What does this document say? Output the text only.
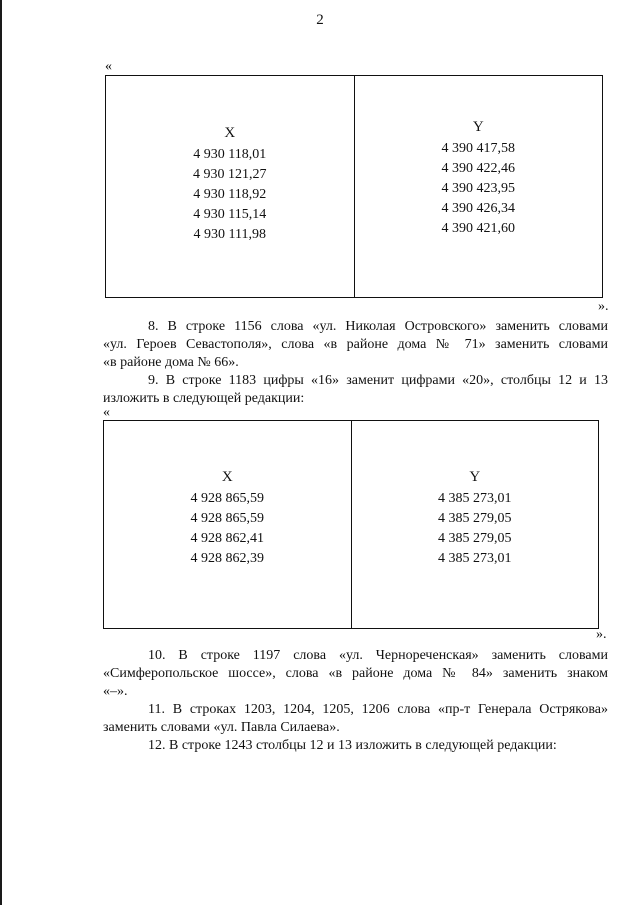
2
«
X
4 930 118,01
4 930 121,27
4 930 118,92
4 930 115,14
4 930 111,98
Y
4 390 417,58
4 390 422,46
4 390 423,95
4 390 426,34
4 390 421,60
».
8. В строке 1156 слова «ул. Николая Островского» заменить словами
«ул. Героев Севастополя», слова «в районе дома № 71» заменить словами
«в районе дома № 66».
9. В строке 1183 цифры «16» заменит цифрами «20», столбцы 12 и 13
изложить в следующей редакции:
«
X
4 928 865,59
4 928 865,59
4 928 862,41
4 928 862,39
Y
4 385 273,01
4 385 279,05
4 385 279,05
4 385 273,01
».
10. В строке 1197 слова «ул. Чернореченская» заменить словами
«Симферопольское шоссе», слова «в районе дома № 84» заменить знаком
«–».
11. В строках 1203, 1204, 1205, 1206 слова «пр-т Генерала Острякова»
заменить словами «ул. Павла Силаева».
12. В строке 1243 столбцы 12 и 13 изложить в следующей редакции:
